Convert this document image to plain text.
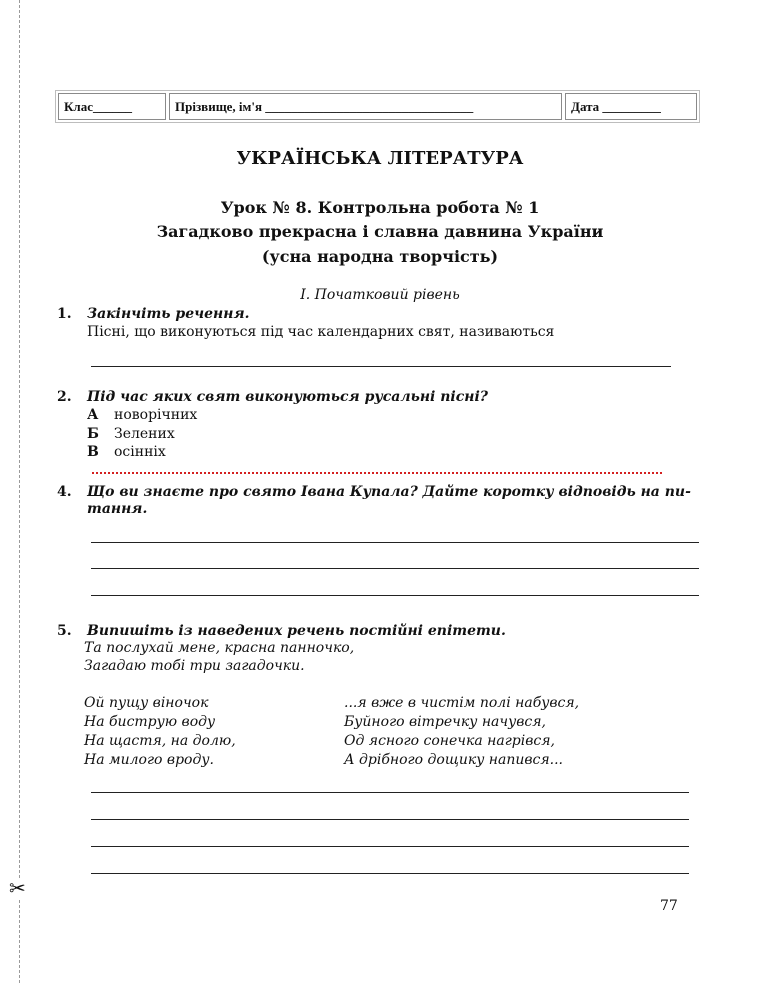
✂
Клас______	Прізвище, ім'я ________________________________	Дата _________
УКРАЇНСЬКА ЛІТЕРАТУРА
Урок № 8. Контрольна робота № 1
Загадково прекрасна і славна давнина України
(усна народна творчість)
I. Початковий рівень
1. Закінчіть речення.
Пісні, що виконуються під час календарних свят, називаються
2. Під час яких свят виконуються русальні пісні?
А новорічних
Б Зелених
В осінніх
4. Що ви знаєте про свято Івана Купала? Дайте коротку відповідь на пи-
тання.
5. Випишіть із наведених речень постійні епітети.
Та послухай мене, красна панночко,
Загадаю тобі три загадочки.
Ой пущу віночок
На биструю воду
На щастя, на долю,
На милого вроду.
...я вже в чистім полі набувся,
Буйного вітречку начувся,
Од ясного сонечка нагрівся,
А дрібного дощику напився...
77
